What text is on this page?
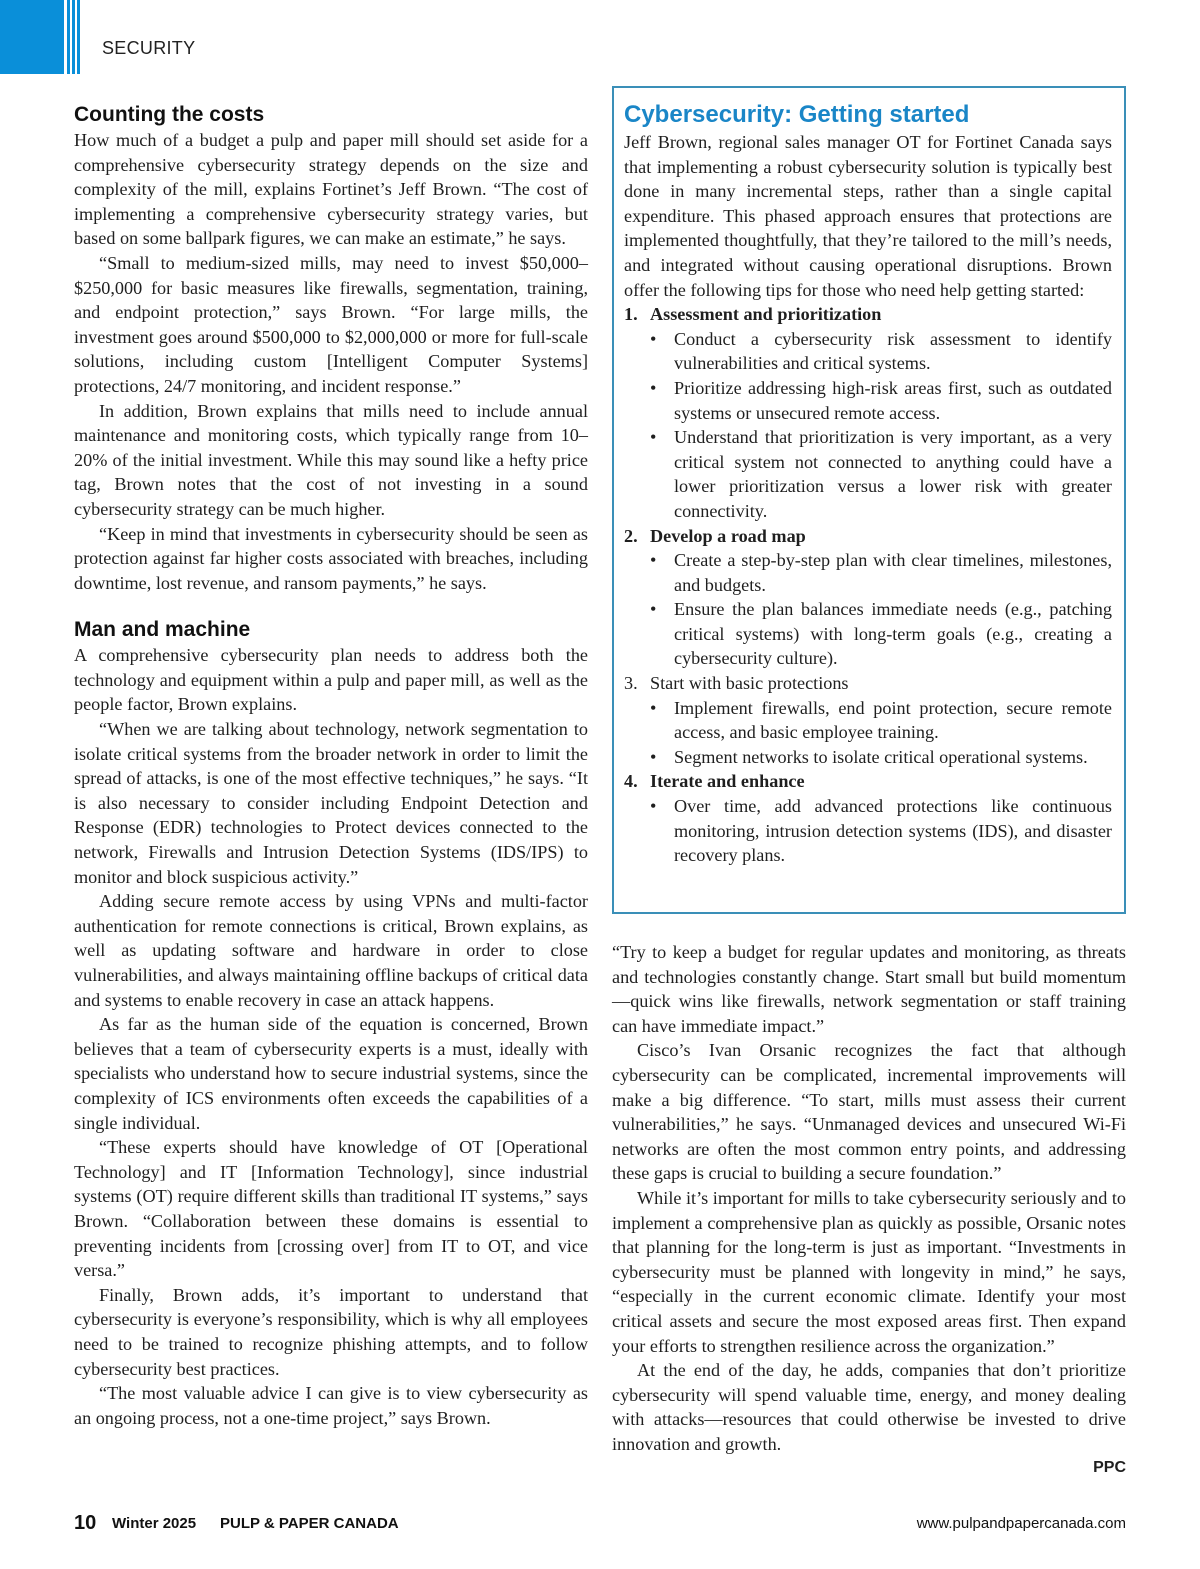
SECURITY
Counting the costs

How much of a budget a pulp and paper mill should set aside for a comprehensive cybersecurity strategy depends on the size and complexity of the mill, explains Fortinet’s Jeff Brown. “The cost of implementing a comprehensive cybersecurity strategy varies, but based on some ballpark figures, we can make an estimate,” he says.

“Small to medium-sized mills, may need to invest $50,000–$250,000 for basic measures like firewalls, segmentation, training, and endpoint protection,” says Brown. “For large mills, the investment goes around $500,000 to $2,000,000 or more for full-scale solutions, including custom [Intelligent Computer Systems] protections, 24/7 monitoring, and incident response.”

In addition, Brown explains that mills need to include annual maintenance and monitoring costs, which typically range from 10–20% of the initial investment. While this may sound like a hefty price tag, Brown notes that the cost of not investing in a sound cybersecurity strategy can be much higher.

“Keep in mind that investments in cybersecurity should be seen as protection against far higher costs associated with breaches, including downtime, lost revenue, and ransom payments,” he says.

Man and machine

A comprehensive cybersecurity plan needs to address both the technology and equipment within a pulp and paper mill, as well as the people factor, Brown explains.

“When we are talking about technology, network segmentation to isolate critical systems from the broader network in order to limit the spread of attacks, is one of the most effective techniques,” he says. “It is also necessary to consider including Endpoint Detection and Response (EDR) technologies to Protect devices connected to the network, Firewalls and Intrusion Detection Systems (IDS/IPS) to monitor and block suspicious activity.”

Adding secure remote access by using VPNs and multi-factor authentication for remote connections is critical, Brown explains, as well as updating software and hardware in order to close vulnerabilities, and always maintaining offline backups of critical data and systems to enable recovery in case an attack happens.

As far as the human side of the equation is concerned, Brown believes that a team of cybersecurity experts is a must, ideally with specialists who understand how to secure industrial systems, since the complexity of ICS environments often exceeds the capabilities of a single individual.

“These experts should have knowledge of OT [Operational Technology] and IT [Information Technology], since industrial systems (OT) require different skills than traditional IT systems,” says Brown. “Collaboration between these domains is essential to preventing incidents from [crossing over] from IT to OT, and vice versa.”

Finally, Brown adds, it’s important to understand that cybersecurity is everyone’s responsibility, which is why all employees need to be trained to recognize phishing attempts, and to follow cybersecurity best practices.

“The most valuable advice I can give is to view cybersecurity as an ongoing process, not a one-time project,” says Brown.

Cybersecurity: Getting started

Jeff Brown, regional sales manager OT for Fortinet Canada says that implementing a robust cybersecurity solution is typically best done in many incremental steps, rather than a single capital expenditure. This phased approach ensures that protections are implemented thoughtfully, that they’re tailored to the mill’s needs, and integrated without causing operational disruptions. Brown offer the following tips for those who need help getting started:

1. Assessment and prioritization
• Conduct a cybersecurity risk assessment to identify vulnerabilities and critical systems.
• Prioritize addressing high-risk areas first, such as outdated systems or unsecured remote access.
• Understand that prioritization is very important, as a very critical system not connected to anything could have a lower prioritization versus a lower risk with greater connectivity.
2. Develop a road map
• Create a step-by-step plan with clear timelines, milestones, and budgets.
• Ensure the plan balances immediate needs (e.g., patching critical systems) with long-term goals (e.g., creating a cybersecurity culture).
3. Start with basic protections
• Implement firewalls, end point protection, secure remote access, and basic employee training.
• Segment networks to isolate critical operational systems.
4. Iterate and enhance
• Over time, add advanced protections like continuous monitoring, intrusion detection systems (IDS), and disaster recovery plans.

“Try to keep a budget for regular updates and monitoring, as threats and technologies constantly change. Start small but build momentum—quick wins like firewalls, network segmentation or staff training can have immediate impact.”

Cisco’s Ivan Orsanic recognizes the fact that although cybersecurity can be complicated, incremental improvements will make a big difference. “To start, mills must assess their current vulnerabilities,” he says. “Unmanaged devices and unsecured Wi-Fi networks are often the most common entry points, and addressing these gaps is crucial to building a secure foundation.”

While it’s important for mills to take cybersecurity seriously and to implement a comprehensive plan as quickly as possible, Orsanic notes that planning for the long-term is just as important. “Investments in cybersecurity must be planned with longevity in mind,” he says, “especially in the current economic climate. Identify your most critical assets and secure the most exposed areas first. Then expand your efforts to strengthen resilience across the organization.”

At the end of the day, he adds, companies that don’t prioritize cybersecurity will spend valuable time, energy, and money dealing with attacks—resources that could otherwise be invested to drive innovation and growth.

PPC
10 Winter 2025 PULP & PAPER CANADA	www.pulpandpapercanada.com
